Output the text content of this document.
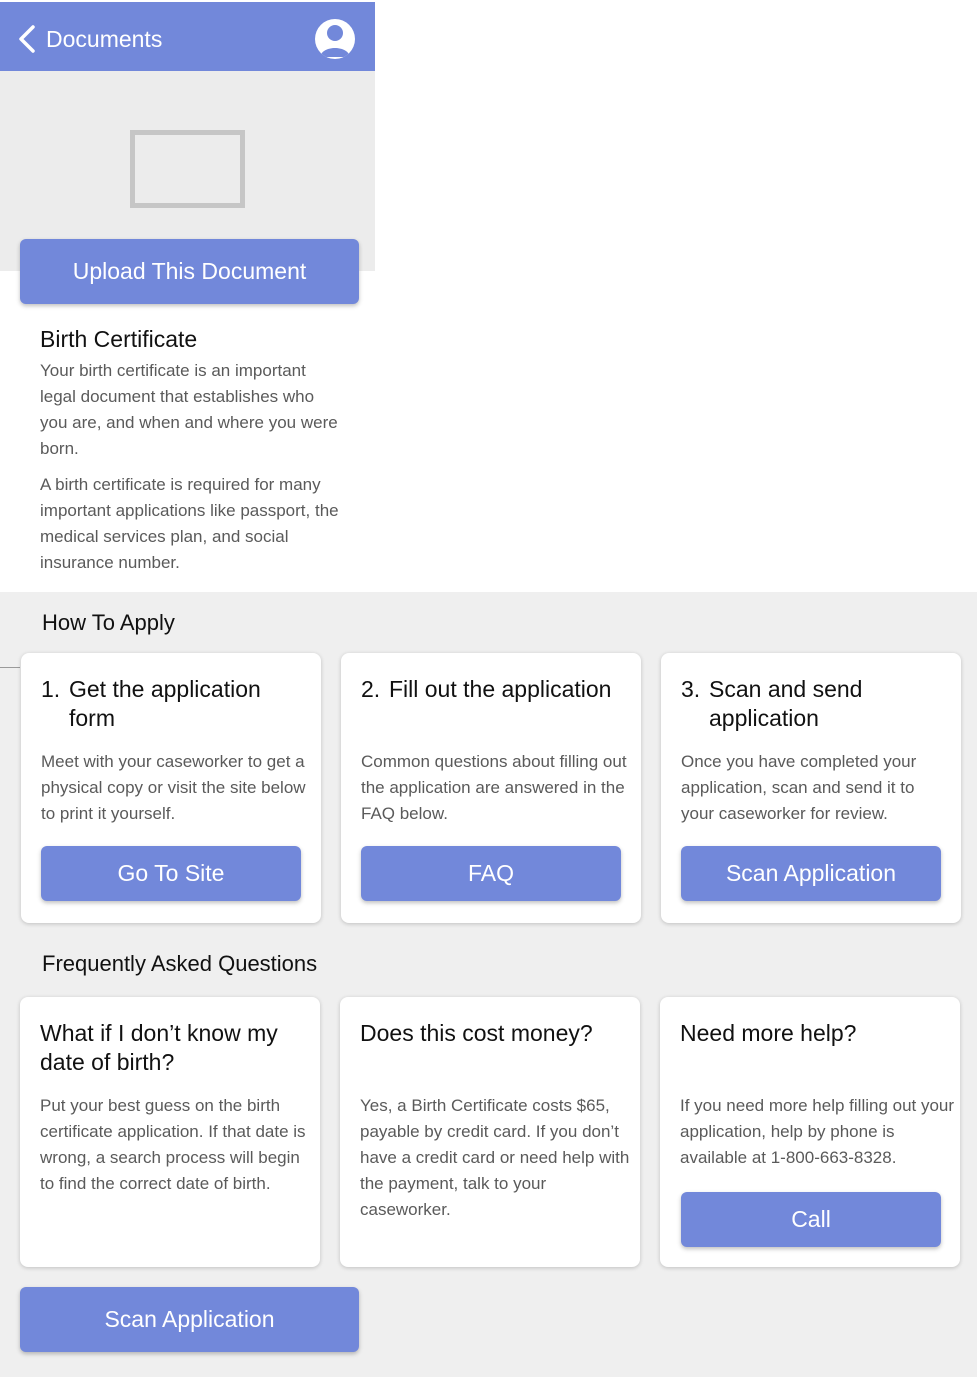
Documents
Upload This Document
Birth Certificate
Your birth certificate is an important legal document that establishes who you are, and when and where you were born.
A birth certificate is required for many important applications like passport, the medical services plan, and social insurance number.
How To Apply
1. Get the application form
Meet with your caseworker to get a physical copy or visit the site below to print it yourself.
Go To Site
2. Fill out the application
Common questions about filling out the application are answered in the FAQ below.
FAQ
3. Scan and send application
Once you have completed your application, scan and send it to your caseworker for review.
Scan Application
Frequently Asked Questions
What if I don’t know my date of birth?
Put your best guess on the birth certificate application. If that date is wrong, a search process will begin to find the correct date of birth.
Does this cost money?
Yes, a Birth Certificate costs $65, payable by credit card. If you don’t have a credit card or need help with the payment, talk to your caseworker.
Need more help?
If you need more help filling out your application, help by phone is available at 1-800-663-8328.
Call
Scan Application
